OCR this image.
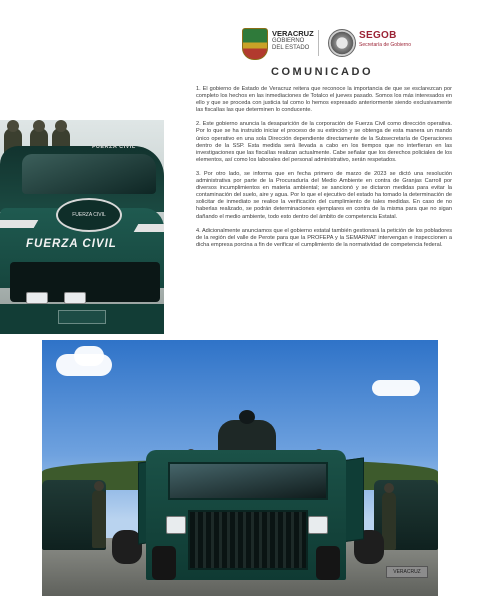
VERACRUZ
GOBIERNO DEL ESTADO
SEGOB
Secretaría de Gobierno
COMUNICADO
FUERZA CIVIL
FUERZA CIVIL
FUERZA CIVIL

1. El gobierno de Estado de Veracruz reitera que reconoce la importancia de que se esclarezcan por completo los hechos en las inmediaciones de Totalco el jueves pasado. Somos los más interesados en ello y que se proceda con justicia tal como lo hemos expresado anteriormente siendo exclusivamente las fiscalías las que determinen lo conducente.

2. Este gobierno anuncia la desaparición de la corporación de Fuerza Civil como dirección operativa. Por lo que se ha instruido iniciar el proceso de su extinción y se obtenga de esta manera un mando único operativo en una sola Dirección dependiente directamente de la Subsecretaría de Operaciones dentro de la SSP. Esta medida será llevada a cabo en los tiempos que no interfieran en las investigaciones que las fiscalías realizan actualmente. Cabe señalar que los derechos policiales de los elementos, así como los laborales del personal administrativo, serán respetados.

3. Por otro lado, se informa que en fecha primero de marzo de 2023 se dictó una resolución administrativa por parte de la Procuraduría del Medio Ambiente en contra de Granjas Carroll por diversos incumplimientos en materia ambiental; se sancionó y se dictaron medidas para evitar la contaminación del suelo, aire y agua. Por lo que el ejecutivo del estado ha tomado la determinación de solicitar de inmediato se realice la verificación del cumplimiento de tales medidas. En caso de no haberlas realizado, se podrán determinaciones ejemplares en contra de la misma para que no sigan dañando el medio ambiente, todo esto dentro del ámbito de competencia Estatal.

4. Adicionalmente anunciamos que el gobierno estatal también gestionará la petición de los pobladores de la región del valle de Perote para que la PROFEPA y la SEMARNAT intervengan e inspeccionen a dicha empresa porcina a fin de verificar el cumplimiento de la normatividad de competencia federal.

VERACRUZ
